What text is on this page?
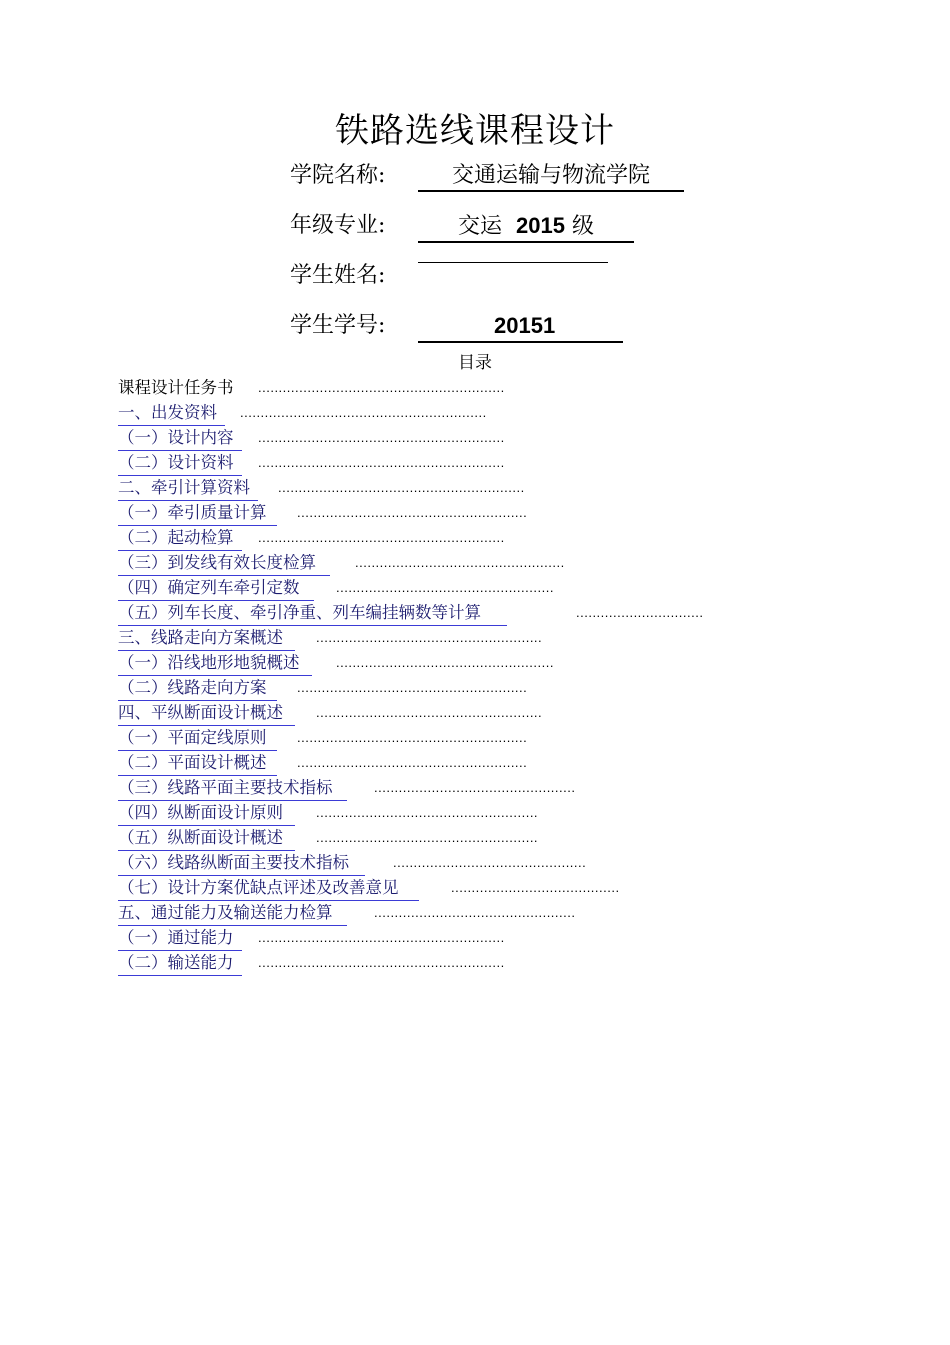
铁路选线课程设计
学院名称:	交通运输与物流学院
年级专业:	交运 2015 级
学生姓名:
学生学号:	20151
目录
课程设计任务书 ............................................................
一、出发资料 ............................................................
（一）设计内容 ............................................................
（二）设计资料 ............................................................
二、牵引计算资料 ............................................................
（一）牵引质量计算 ........................................................
（二）起动检算 ............................................................
（三）到发线有效长度检算	...................................................
（四）确定列车牵引定数	.....................................................
（五）列车长度、牵引净重、列车编挂辆数等计算	...............................
三、线路走向方案概述	.......................................................
（一）沿线地形地貌概述	.....................................................
（二）线路走向方案 ........................................................
四、平纵断面设计概述	.......................................................
（一）平面定线原则 ........................................................
（二）平面设计概述 ........................................................
（三）线路平面主要技术指标	.................................................
（四）纵断面设计原则	......................................................
（五）纵断面设计概述	......................................................
（六）线路纵断面主要技术指标	...............................................
（七）设计方案优缺点评述及改善意见	.........................................
五、通过能力及输送能力检算	.................................................
（一）通过能力 ............................................................
（二）输送能力 ............................................................
